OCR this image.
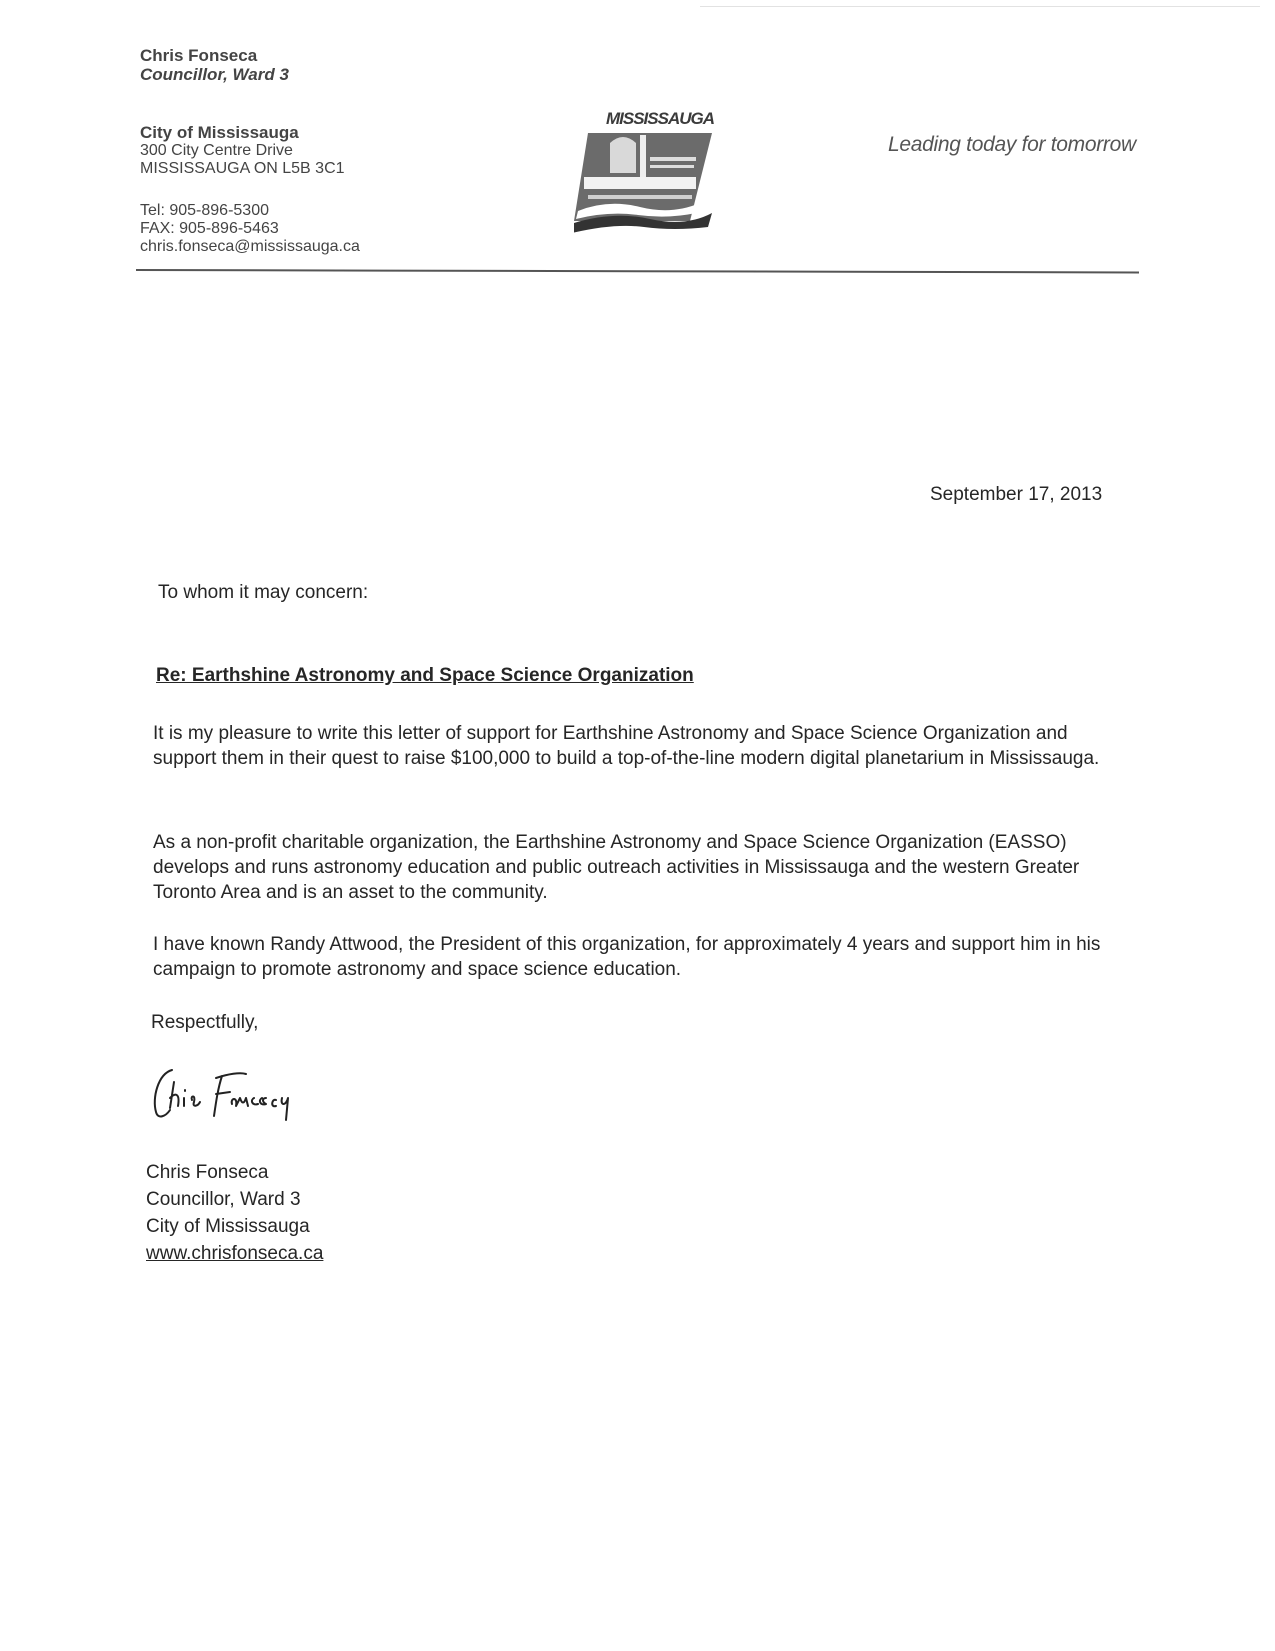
Chris Fonseca
Councillor, Ward 3
City of Mississauga
300 City Centre Drive
MISSISSAUGA ON L5B 3C1
Tel: 905-896-5300
FAX: 905-896-5463
chris.fonseca@mississauga.ca
MISSISSAUGA
Leading today for tomorrow
September 17, 2013
To whom it may concern:
Re: Earthshine Astronomy and Space Science Organization
It is my pleasure to write this letter of support for Earthshine Astronomy and Space Science Organization and support them in their quest to raise $100,000 to build a top-of-the-line modern digital planetarium in Mississauga.
As a non-profit charitable organization, the Earthshine Astronomy and Space Science Organization (EASSO) develops and runs astronomy education and public outreach activities in Mississauga and the western Greater Toronto Area and is an asset to the community.
I have known Randy Attwood, the President of this organization, for approximately 4 years and support him in his campaign to promote astronomy and space science education.
Respectfully,
Chris Fonseca
Councillor, Ward 3
City of Mississauga
www.chrisfonseca.ca
